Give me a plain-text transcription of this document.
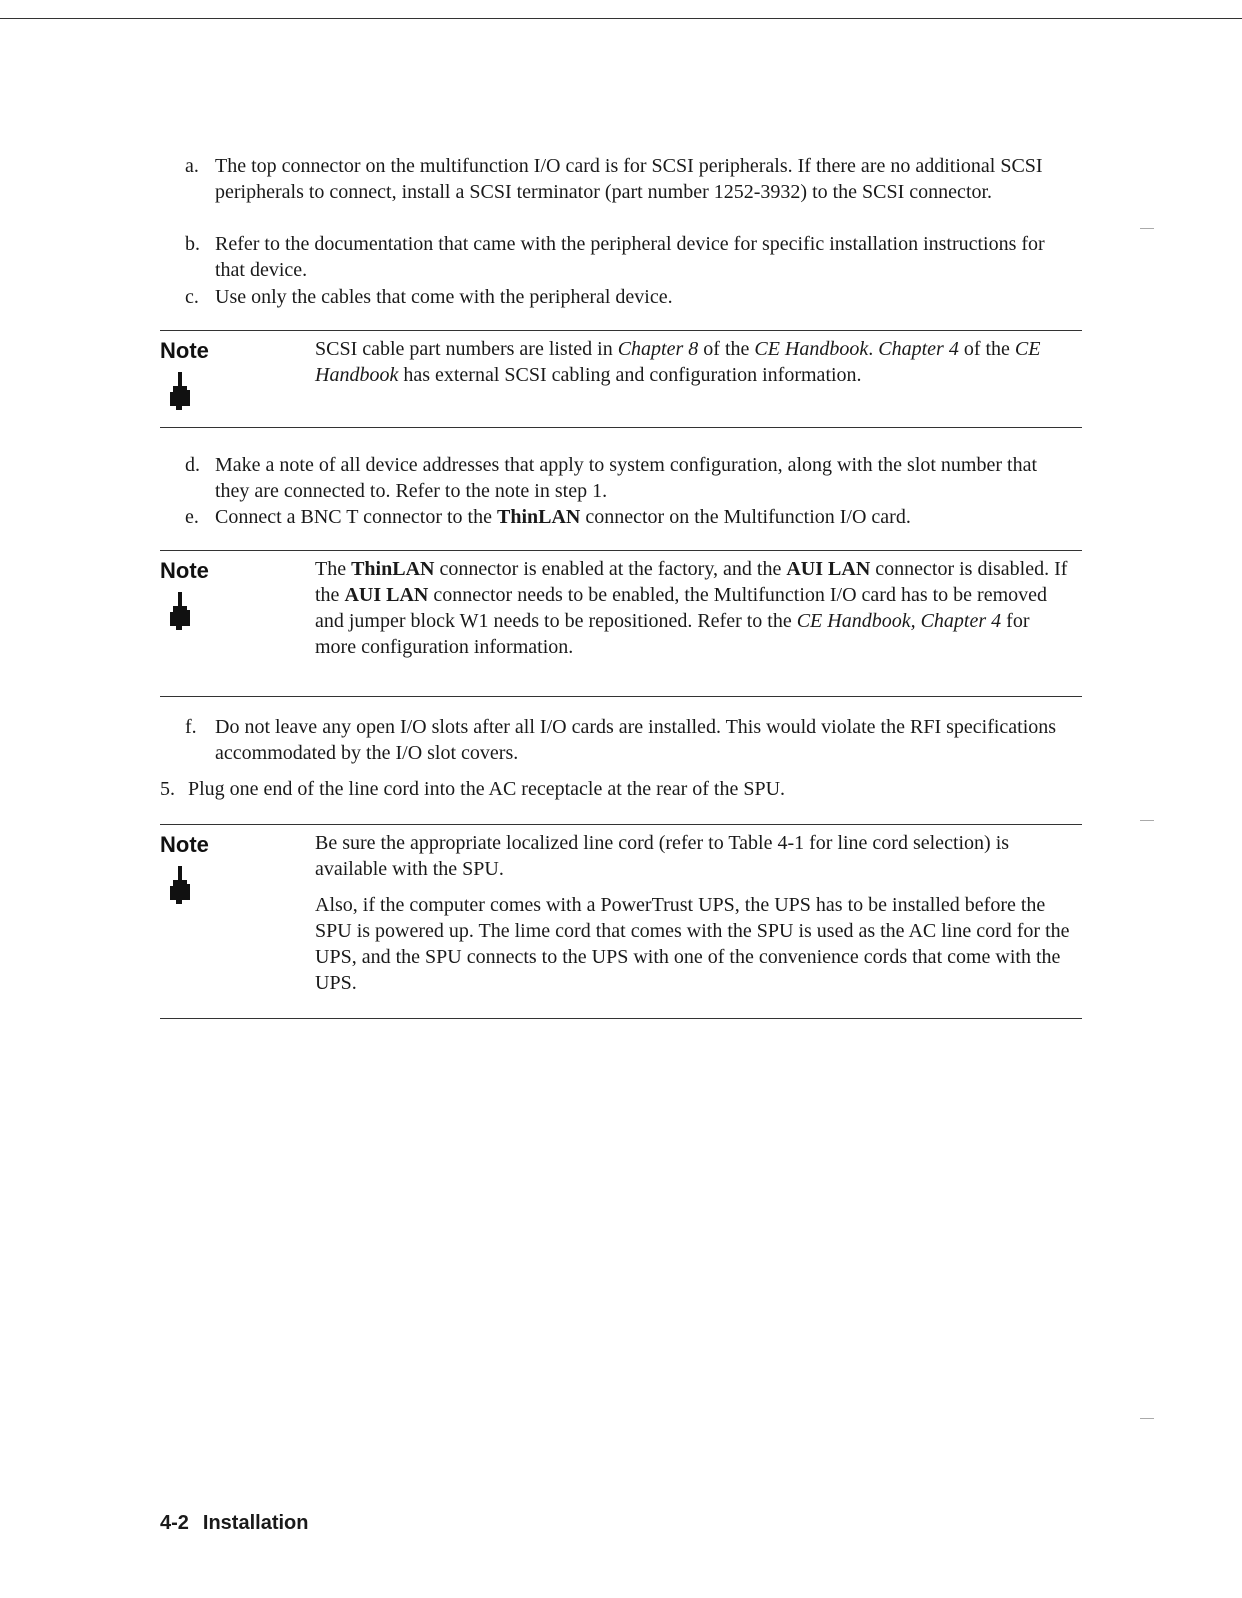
a. The top connector on the multifunction I/O card is for SCSI peripherals. If there are no additional SCSI peripherals to connect, install a SCSI terminator (part number 1252-3932) to the SCSI connector.
b. Refer to the documentation that came with the peripheral device for specific installation instructions for that device.
c. Use only the cables that come with the peripheral device.
Note	SCSI cable part numbers are listed in Chapter 8 of the CE Handbook. Chapter 4 of the CE Handbook has external SCSI cabling and configuration information.
d. Make a note of all device addresses that apply to system configuration, along with the slot number that they are connected to. Refer to the note in step 1.
e. Connect a BNC T connector to the ThinLAN connector on the Multifunction I/O card.
Note	The ThinLAN connector is enabled at the factory, and the AUI LAN connector is disabled. If the AUI LAN connector needs to be enabled, the Multifunction I/O card has to be removed and jumper block W1 needs to be repositioned. Refer to the CE Handbook, Chapter 4 for more configuration information.
f. Do not leave any open I/O slots after all I/O cards are installed. This would violate the RFI specifications accommodated by the I/O slot covers.
5. Plug one end of the line cord into the AC receptacle at the rear of the SPU.
Note	Be sure the appropriate localized line cord (refer to Table 4-1 for line cord selection) is available with the SPU.

Also, if the computer comes with a PowerTrust UPS, the UPS has to be installed before the SPU is powered up. The lime cord that comes with the SPU is used as the AC line cord for the UPS, and the SPU connects to the UPS with one of the convenience cords that come with the UPS.

4-2 Installation
